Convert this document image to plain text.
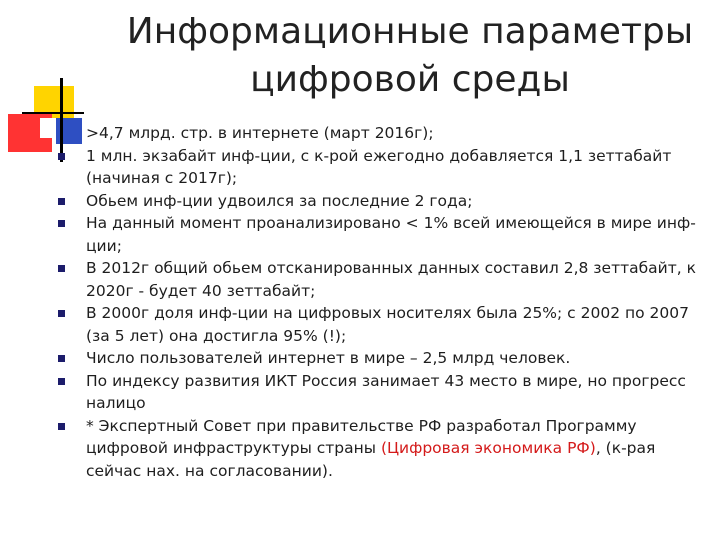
Информационные параметры
цифровой среды
>4,7 млрд. стр. в интернете (март 2016г);
1 млн. экзабайт инф-ции, с к-рой ежегодно добавляется 1,1 зеттабайт (начиная с 2017г);
Обьем инф-ции удвоился за последние 2 года;
На данный момент проанализировано < 1% всей имеющейся в мире инф-ции;
В 2012г общий обьем отсканированных данных составил 2,8 зеттабайт, к 2020г - будет 40 зеттабайт;
В 2000г доля инф-ции на цифровых носителях была 25%; с 2002 по 2007 (за 5 лет) она достигла 95% (!);
Число пользователей интернет в мире – 2,5 млрд человек.
По индексу развития ИКТ Россия занимает 43 место в мире, но прогресс налицо
* Экспертный Совет при правительстве РФ разработал Программу цифровой инфраструктуры страны (Цифровая экономика РФ), (к-рая сейчас нах. на согласовании).
